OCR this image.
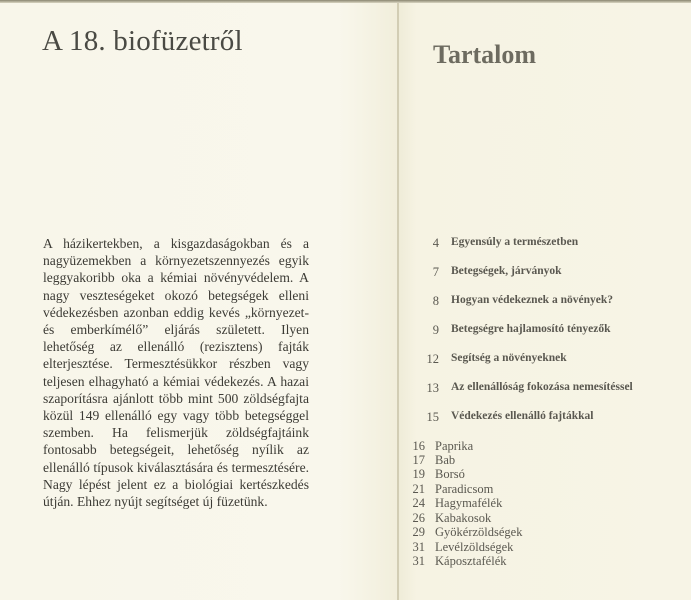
A 18. biofüzetről

A házikertekben, a kisgazdaságokban és a nagyüzemekben a környezetszennyezés egyik leggyakoribb oka a kémiai növényvédelem. A nagy veszteségeket okozó betegségek elleni védekezésben azonban eddig kevés „környezet- és emberkímélő” eljárás született. Ilyen lehetőség az ellenálló (rezisztens) fajták elterjesztése. Termesztésükkor részben vagy teljesen elhagyható a kémiai védekezés. A hazai szaporításra ajánlott több mint 500 zöldségfajta közül 149 ellenálló egy vagy több betegséggel szemben. Ha felismerjük zöldségfajtáink fontosabb betegségeit, lehetőség nyílik az ellenálló típusok kiválasztására és termesztésére. Nagy lépést jelent ez a biológiai kertészkedés útján. Ehhez nyújt segítséget új füzetünk.

Tartalom
4 Egyensúly a természetben
7 Betegségek, járványok
8 Hogyan védekeznek a növények?
9 Betegségre hajlamosító tényezők
12 Segítség a növényeknek
13 Az ellenállóság fokozása nemesítéssel
15 Védekezés ellenálló fajtákkal
16 Paprika
17 Bab
19 Borsó
21 Paradicsom
24 Hagymafélék
26 Kabakosok
29 Gyökérzöldségek
31 Levélzöldségek
31 Káposztafélék
